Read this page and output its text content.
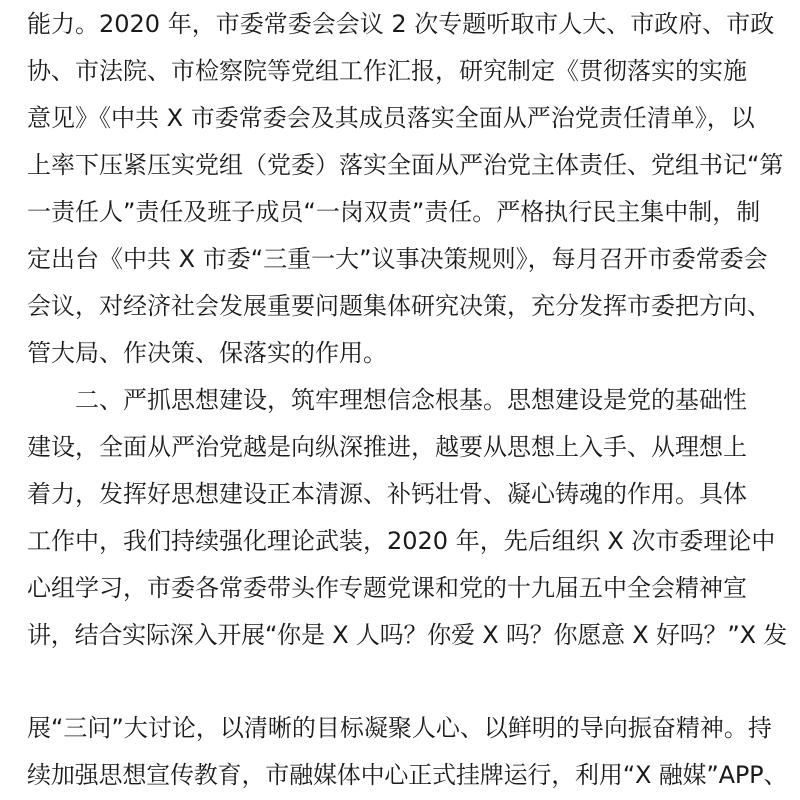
能力。2020 年，市委常委会会议 2 次专题听取市人大、市政府、市政
协、市法院、市检察院等党组工作汇报，研究制定《贯彻落实的实施
意见》《中共 X 市委常委会及其成员落实全面从严治党责任清单》，以
上率下压紧压实党组（党委）落实全面从严治党主体责任、党组书记“第
一责任人”责任及班子成员“一岗双责”责任。严格执行民主集中制，制
定出台《中共 X 市委“三重一大”议事决策规则》，每月召开市委常委会
会议，对经济社会发展重要问题集体研究决策，充分发挥市委把方向、
管大局、作决策、保落实的作用。
　　二、严抓思想建设，筑牢理想信念根基。思想建设是党的基础性
建设，全面从严治党越是向纵深推进，越要从思想上入手、从理想上
着力，发挥好思想建设正本清源、补钙壮骨、凝心铸魂的作用。具体
工作中，我们持续强化理论武装，2020 年，先后组织 X 次市委理论中
心组学习，市委各常委带头作专题党课和党的十九届五中全会精神宣
讲，结合实际深入开展“你是 X 人吗？你爱 X 吗？你愿意 X 好吗？”X 发
展“三问”大讨论，以清晰的目标凝聚人心、以鲜明的导向振奋精神。持
续加强思想宣传教育，市融媒体中心正式挂牌运行，利用“X 融媒”APP、
